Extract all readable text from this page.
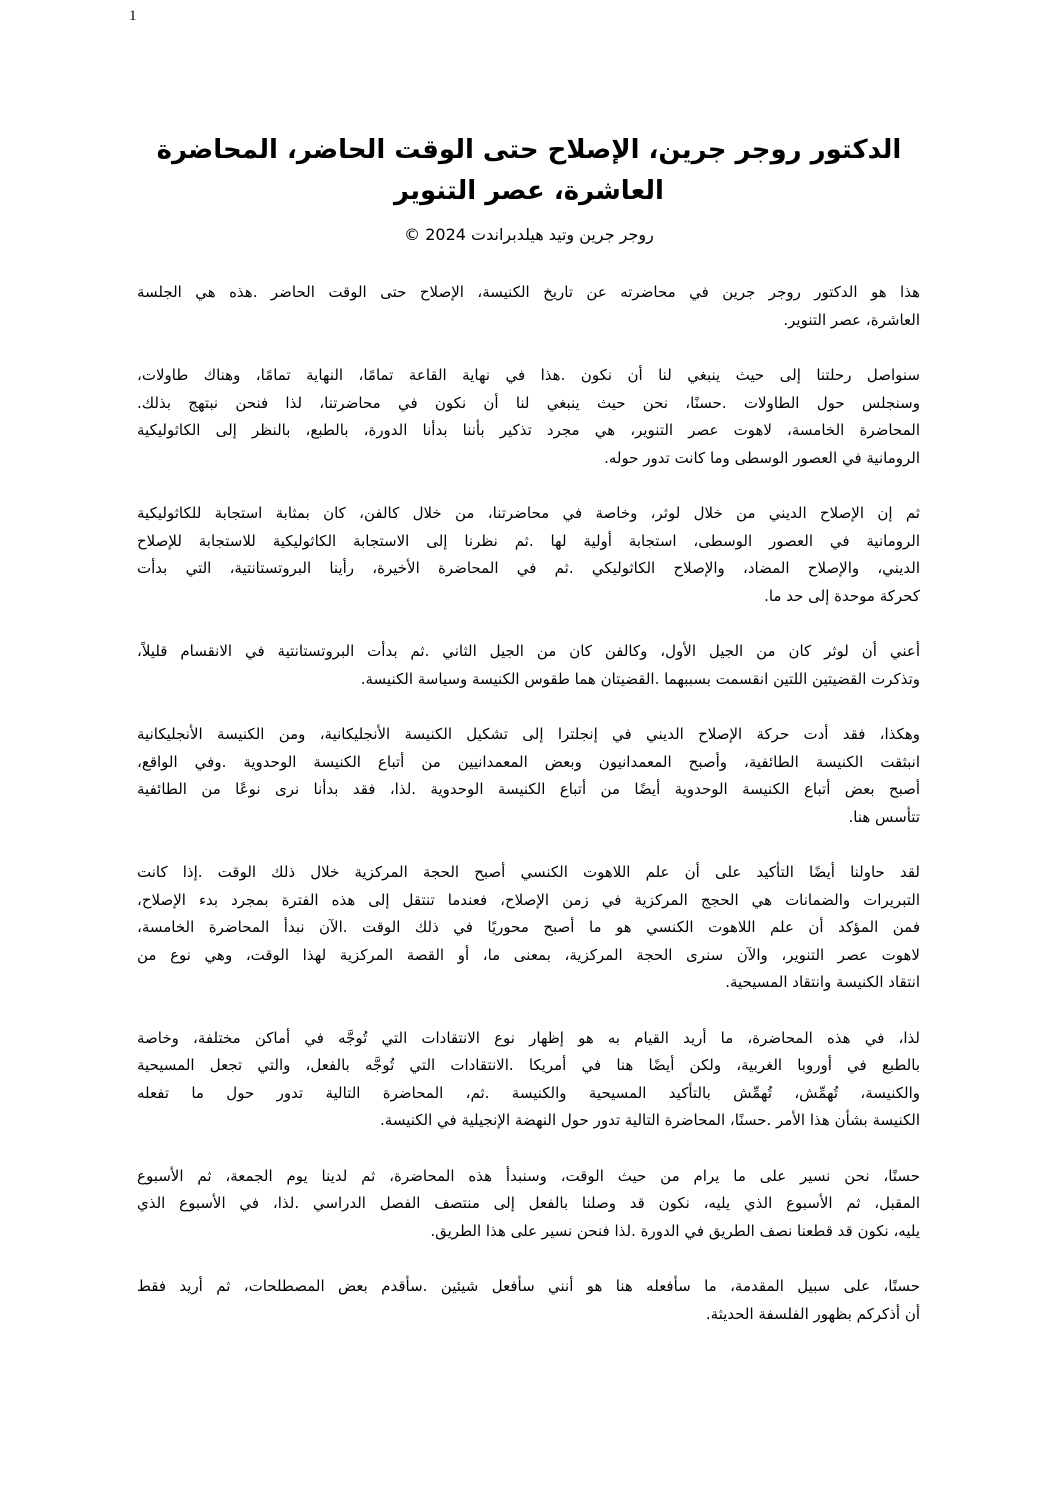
1
الدكتور روجر جرين، الإصلاح حتى الوقت الحاضر، المحاضرة
العاشرة، عصر التنوير
روجر جرين وتيد هيلدبراندت 2024 ©
هذا هو الدكتور روجر جرين في محاضرته عن تاريخ الكنيسة، الإصلاح حتى الوقت الحاضر .هذه هي الجلسة
العاشرة، عصر التنوير.
سنواصل رحلتنا إلى حيث ينبغي لنا أن نكون .هذا في نهاية القاعة تمامًا، النهاية تمامًا، وهناك طاولات،
وسنجلس حول الطاولات .حسنًا، نحن حيث ينبغي لنا أن نكون في محاضرتنا، لذا فنحن نبتهج بذلك.
المحاضرة الخامسة، لاهوت عصر التنوير، هي مجرد تذكير بأننا بدأنا الدورة، بالطبع، بالنظر إلى الكاثوليكية
الرومانية في العصور الوسطى وما كانت تدور حوله.
ثم إن الإصلاح الديني من خلال لوثر، وخاصة في محاضرتنا، من خلال كالفن، كان بمثابة استجابة للكاثوليكية
الرومانية في العصور الوسطى، استجابة أولية لها .ثم نظرنا إلى الاستجابة الكاثوليكية للاستجابة للإصلاح
الديني، والإصلاح المضاد، والإصلاح الكاثوليكي .ثم في المحاضرة الأخيرة، رأينا البروتستانتية، التي بدأت
كحركة موحدة إلى حد ما.
أعني أن لوثر كان من الجيل الأول، وكالفن كان من الجيل الثاني .ثم بدأت البروتستانتية في الانقسام قليلاً،
وتذكرت القضيتين اللتين انقسمت بسببهما .القضيتان هما طقوس الكنيسة وسياسة الكنيسة.
وهكذا، فقد أدت حركة الإصلاح الديني في إنجلترا إلى تشكيل الكنيسة الأنجليكانية، ومن الكنيسة الأنجليكانية
انبثقت الكنيسة الطائفية، وأصبح المعمدانيون وبعض المعمدانيين من أتباع الكنيسة الوحدوية .وفي الواقع،
أصبح بعض أتباع الكنيسة الوحدوية أيضًا من أتباع الكنيسة الوحدوية .لذا، فقد بدأنا نرى نوعًا من الطائفية
تتأسس هنا.
لقد حاولنا أيضًا التأكيد على أن علم اللاهوت الكنسي أصبح الحجة المركزية خلال ذلك الوقت .إذا كانت
التبريرات والضمانات هي الحجج المركزية في زمن الإصلاح، فعندما تنتقل إلى هذه الفترة بمجرد بدء الإصلاح،
فمن المؤكد أن علم اللاهوت الكنسي هو ما أصبح محوريًا في ذلك الوقت .الآن نبدأ المحاضرة الخامسة،
لاهوت عصر التنوير، والآن سنرى الحجة المركزية، بمعنى ما، أو القصة المركزية لهذا الوقت، وهي نوع من
انتقاد الكنيسة وانتقاد المسيحية.
لذا، في هذه المحاضرة، ما أريد القيام به هو إظهار نوع الانتقادات التي تُوجَّه في أماكن مختلفة، وخاصة
بالطبع في أوروبا الغربية، ولكن أيضًا هنا في أمريكا .الانتقادات التي تُوجَّه بالفعل، والتي تجعل المسيحية
والكنيسة، تُهمِّش، تُهمِّش بالتأكيد المسيحية والكنيسة .ثم، المحاضرة التالية تدور حول ما تفعله
الكنيسة بشأن هذا الأمر .حسنًا، المحاضرة التالية تدور حول النهضة الإنجيلية في الكنيسة.
حسنًا، نحن نسير على ما يرام من حيث الوقت، وسنبدأ هذه المحاضرة، ثم لدينا يوم الجمعة، ثم الأسبوع
المقبل، ثم الأسبوع الذي يليه، نكون قد وصلنا بالفعل إلى منتصف الفصل الدراسي .لذا، في الأسبوع الذي
يليه، نكون قد قطعنا نصف الطريق في الدورة .لذا فنحن نسير على هذا الطريق.
حسنًا، على سبيل المقدمة، ما سأفعله هنا هو أنني سأفعل شيئين .سأقدم بعض المصطلحات، ثم أريد فقط
أن أذكركم بظهور الفلسفة الحديثة.
